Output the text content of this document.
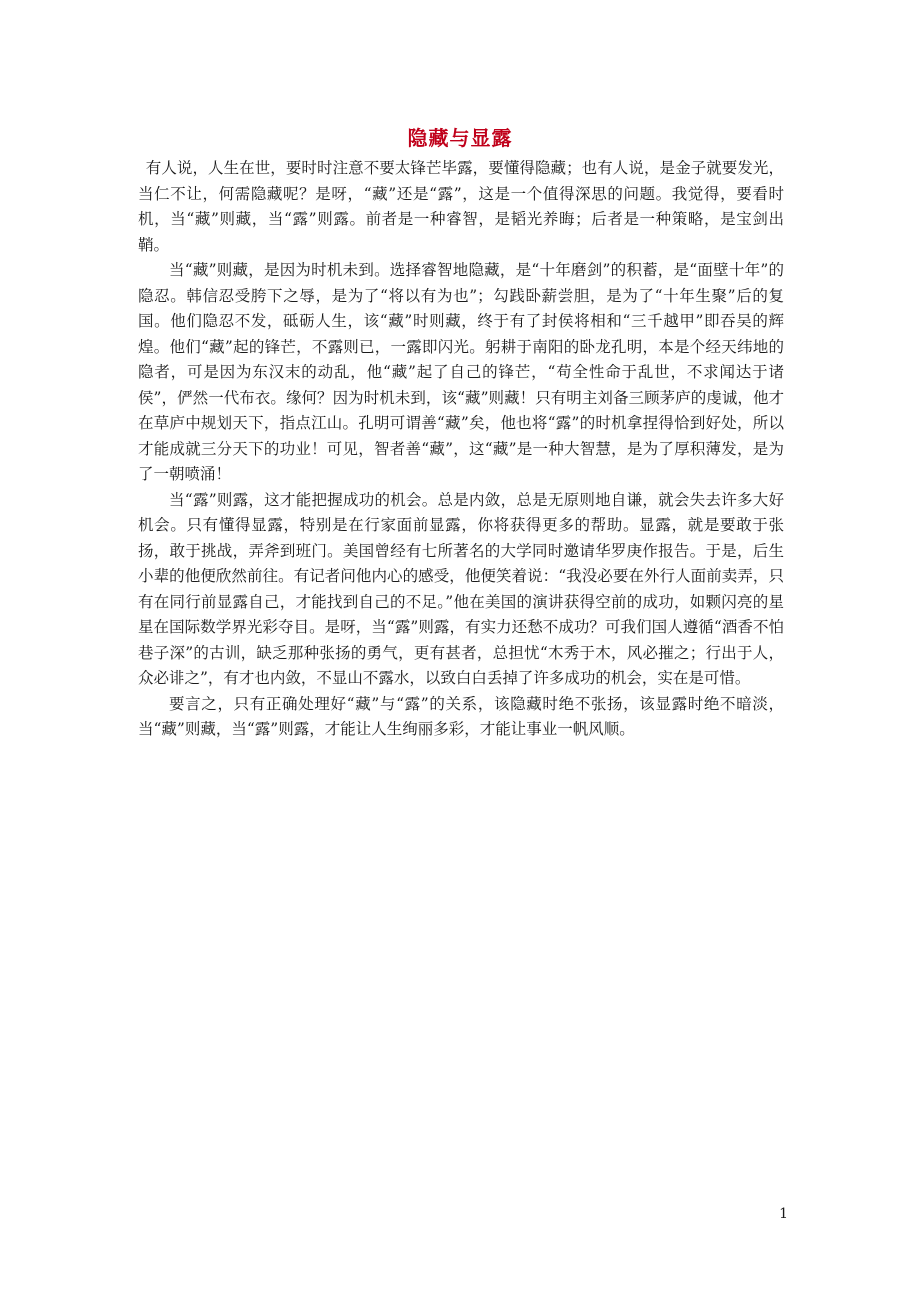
隐藏与显露

有人说，人生在世，要时时注意不要太锋芒毕露，要懂得隐藏；也有人说，是金子就要发光，当仁不让，何需隐藏呢？是呀，“藏”还是“露”，这是一个值得深思的问题。我觉得，要看时机，当“藏”则藏，当“露”则露。前者是一种睿智，是韬光养晦；后者是一种策略，是宝剑出鞘。

当“藏”则藏，是因为时机未到。选择睿智地隐藏，是“十年磨剑”的积蓄，是“面壁十年”的隐忍。韩信忍受胯下之辱，是为了“将以有为也”；勾践卧薪尝胆，是为了“十年生聚”后的复国。他们隐忍不发，砥砺人生，该“藏”时则藏，终于有了封侯将相和“三千越甲”即吞吴的辉煌。他们“藏”起的锋芒，不露则已，一露即闪光。躬耕于南阳的卧龙孔明，本是个经天纬地的隐者，可是因为东汉末的动乱，他“藏”起了自己的锋芒，“苟全性命于乱世，不求闻达于诸侯”，俨然一代布衣。缘何？因为时机未到，该“藏”则藏！只有明主刘备三顾茅庐的虔诚，他才在草庐中规划天下，指点江山。孔明可谓善“藏”矣，他也将“露”的时机拿捏得恰到好处，所以才能成就三分天下的功业！可见，智者善“藏”，这“藏”是一种大智慧，是为了厚积薄发，是为了一朝喷涌！

当“露”则露，这才能把握成功的机会。总是内敛，总是无原则地自谦，就会失去许多大好机会。只有懂得显露，特别是在行家面前显露，你将获得更多的帮助。显露，就是要敢于张扬，敢于挑战，弄斧到班门。美国曾经有七所著名的大学同时邀请华罗庚作报告。于是，后生小辈的他便欣然前往。有记者问他内心的感受，他便笑着说：“我没必要在外行人面前卖弄，只有在同行前显露自己，才能找到自己的不足。”他在美国的演讲获得空前的成功，如颗闪亮的星星在国际数学界光彩夺目。是呀，当“露”则露，有实力还愁不成功？可我们国人遵循“酒香不怕巷子深”的古训，缺乏那种张扬的勇气，更有甚者，总担忧“木秀于木，风必摧之；行出于人，众必诽之”，有才也内敛，不显山不露水，以致白白丢掉了许多成功的机会，实在是可惜。

要言之，只有正确处理好“藏”与“露”的关系，该隐藏时绝不张扬，该显露时绝不暗淡，当“藏”则藏，当“露”则露，才能让人生绚丽多彩，才能让事业一帆风顺。

1
